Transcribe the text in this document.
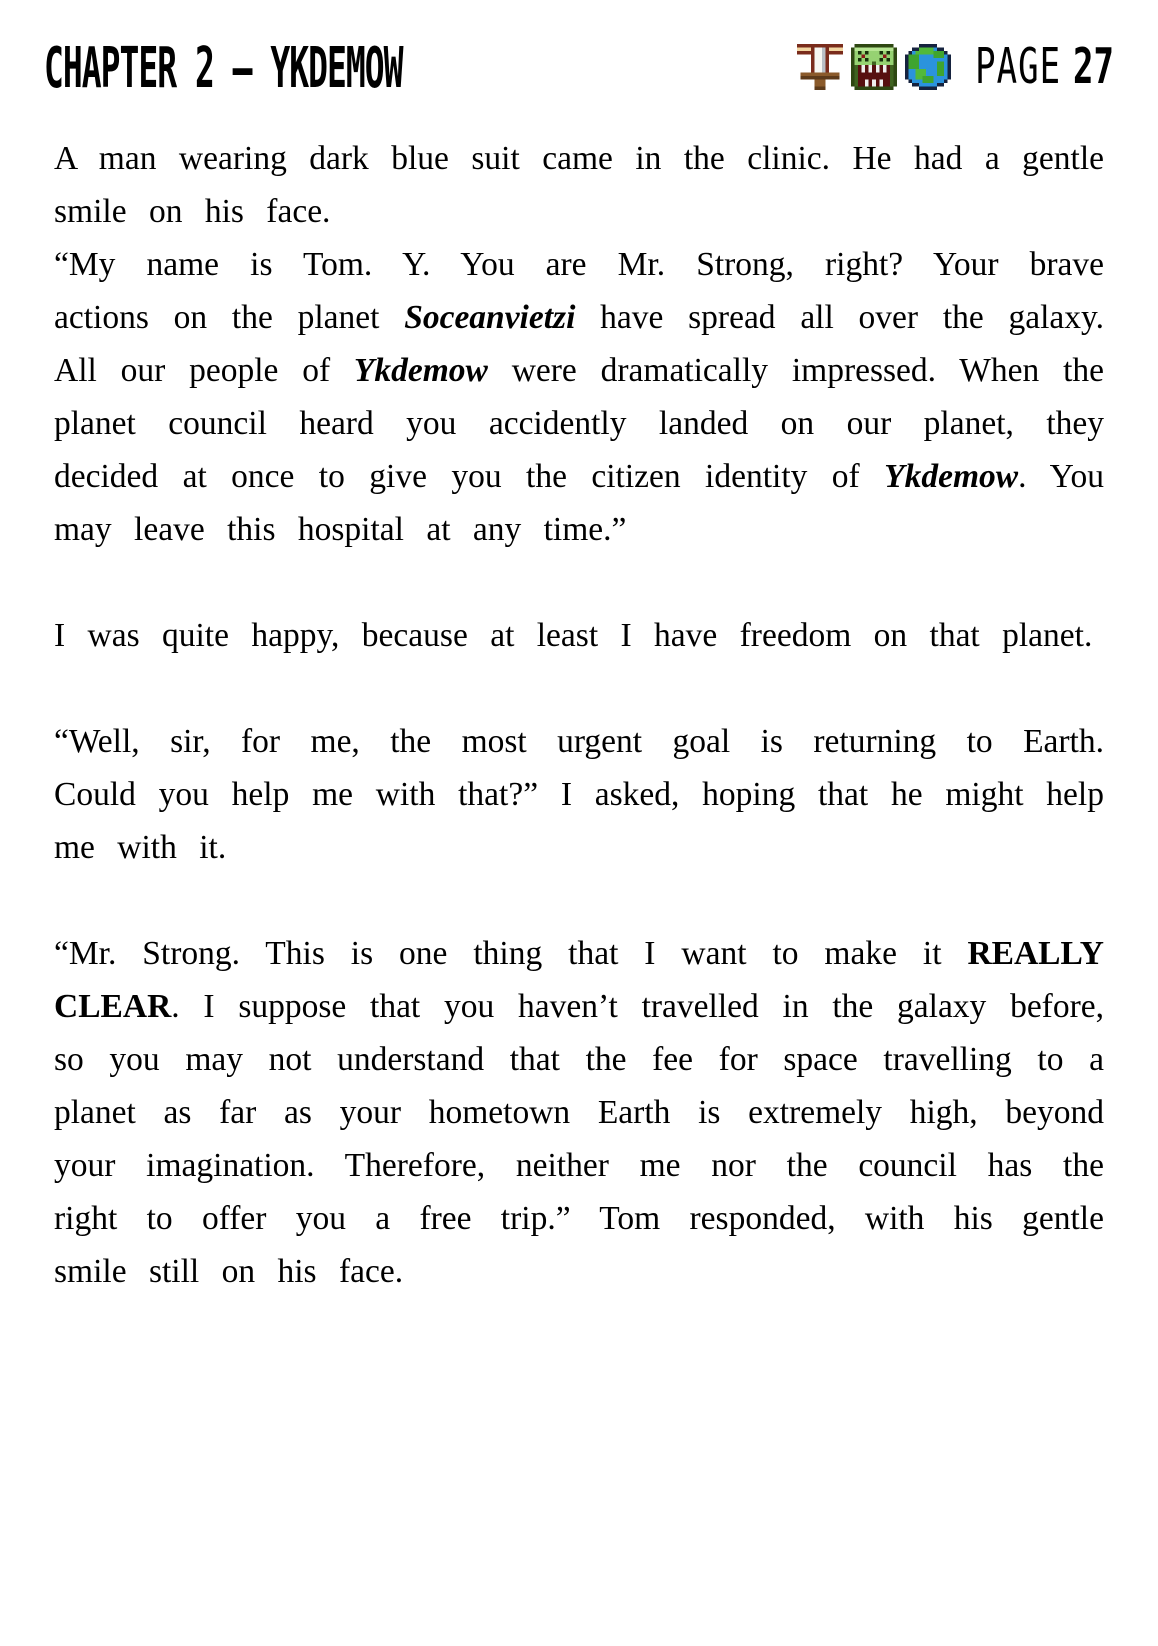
CHAPTER 2 — YKDEMOW	PAGE 27

A man wearing dark blue suit came in the clinic. He had a gentle smile on his face.

“My name is Tom. Y. You are Mr. Strong, right? Your brave actions on the planet Soceanvietzi have spread all over the galaxy. All our people of Ykdemow were dramatically impressed. When the planet council heard you accidently landed on our planet, they decided at once to give you the citizen identity of Ykdemow. You may leave this hospital at any time.”

I was quite happy, because at least I have freedom on that planet.

“Well, sir, for me, the most urgent goal is returning to Earth. Could you help me with that?” I asked, hoping that he might help me with it.

“Mr. Strong. This is one thing that I want to make it REALLY CLEAR. I suppose that you haven’t travelled in the galaxy before, so you may not understand that the fee for space travelling to a planet as far as your hometown Earth is extremely high, beyond your imagination. Therefore, neither me nor the council has the right to offer you a free trip.” Tom responded, with his gentle smile still on his face.
